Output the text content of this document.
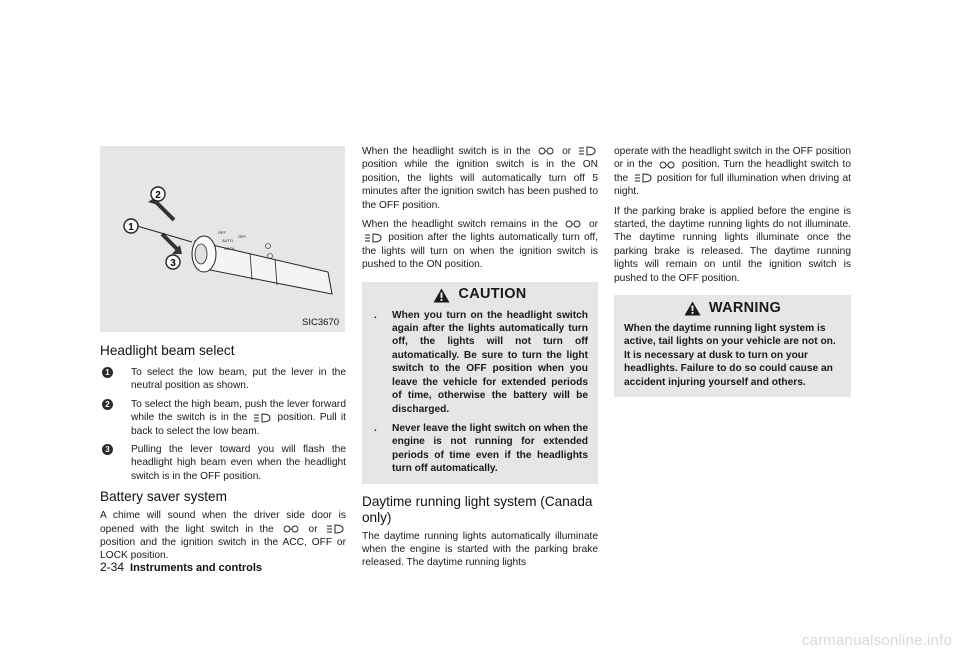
OFF
AUTO
OFF
LOCK
2
1
3
SIC3670
Headlight beam select
1	To select the low beam, put the lever in the neutral position as shown.
2	To select the high beam, push the lever forward while the switch is in the	position. Pull it back to select the low beam.
3	Pulling the lever toward you will flash the headlight high beam even when the headlight switch is in the OFF position.
Battery saver system

A chime will sound when the driver side door is opened with the light switch in the	or  position and the ignition switch in the ACC, OFF or LOCK position.

When the headlight switch is in the	or  position while the ignition switch is in the ON position, the lights will automatically turn off 5 minutes after the ignition switch has been pushed to the OFF position.

When the headlight switch remains in the	or  position after the lights automatically turn off, the lights will turn on when the ignition switch is pushed to the ON position.

CAUTION
. When you turn on the headlight switch again after the lights automatically turn off, the lights will not turn off automatically. Be sure to turn the light switch to the OFF position when you leave the vehicle for extended periods of time, otherwise the battery will be discharged.
. Never leave the light switch on when the engine is not running for extended periods of time even if the headlights turn off automatically.
Daytime running light system (Canada only)

The daytime running lights automatically illuminate when the engine is started with the parking brake released. The daytime running lights

operate with the headlight switch in the OFF position or in the	position. Turn the headlight switch to the	position for full illumination when driving at night.

If the parking brake is applied before the engine is started, the daytime running lights do not illuminate. The daytime running lights illuminate once the parking brake is released. The daytime running lights will remain on until the ignition switch is pushed to the OFF position.

WARNING

When the daytime running light system is active, tail lights on your vehicle are not on. It is necessary at dusk to turn on your headlights. Failure to do so could cause an accident injuring yourself and others.

2-34 Instruments and controls
carmanualsonline.info
